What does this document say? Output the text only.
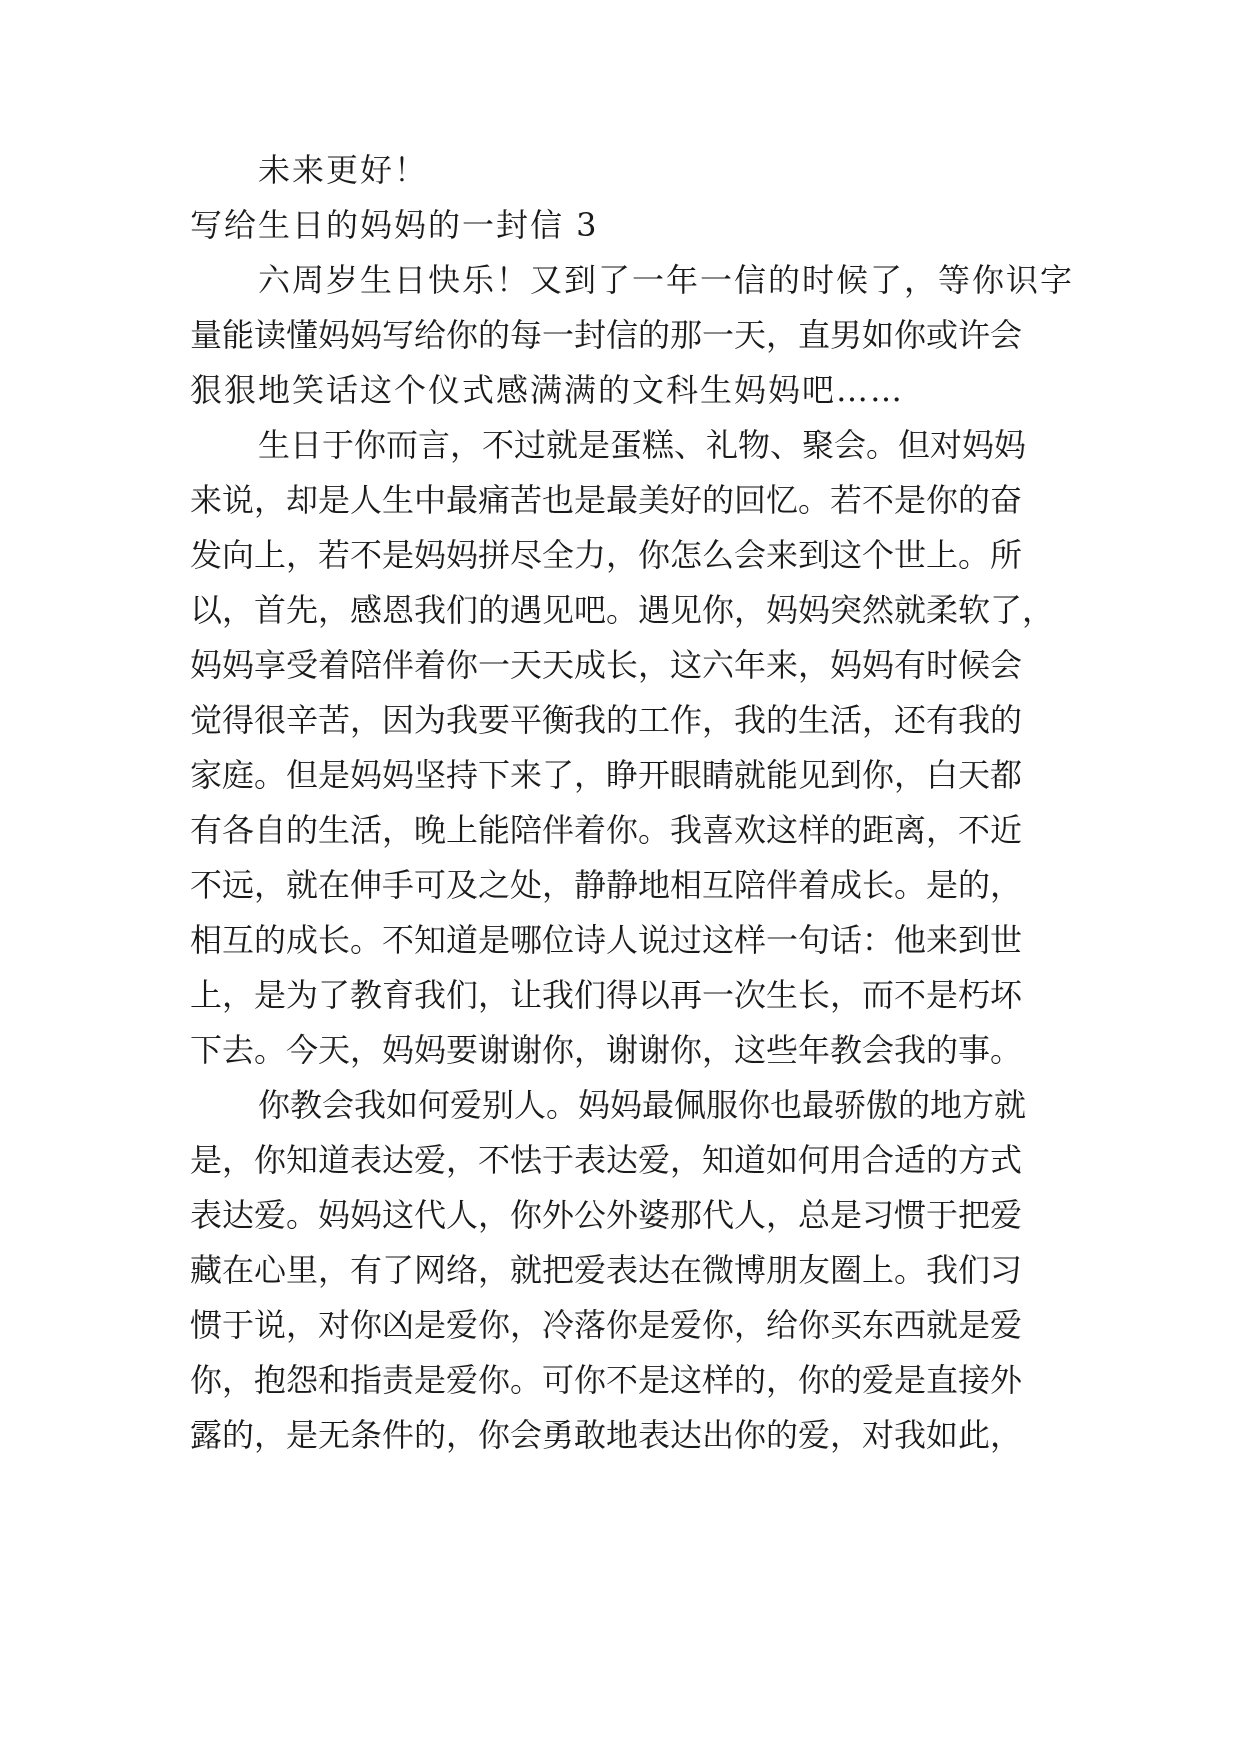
未来更好！
写给生日的妈妈的一封信 3
六周岁生日快乐！又到了一年一信的时候了，等你识字
量能读懂妈妈写给你的每一封信的那一天，直男如你或许会
狠狠地笑话这个仪式感满满的文科生妈妈吧……
生日于你而言，不过就是蛋糕、礼物、聚会。但对妈妈
来说，却是人生中最痛苦也是最美好的回忆。若不是你的奋
发向上，若不是妈妈拼尽全力，你怎么会来到这个世上。所
以，首先，感恩我们的遇见吧。遇见你，妈妈突然就柔软了，
妈妈享受着陪伴着你一天天成长，这六年来，妈妈有时候会
觉得很辛苦，因为我要平衡我的工作，我的生活，还有我的
家庭。但是妈妈坚持下来了，睁开眼睛就能见到你，白天都
有各自的生活，晚上能陪伴着你。我喜欢这样的距离，不近
不远，就在伸手可及之处，静静地相互陪伴着成长。是的，
相互的成长。不知道是哪位诗人说过这样一句话：他来到世
上，是为了教育我们，让我们得以再一次生长，而不是朽坏
下去。今天，妈妈要谢谢你，谢谢你，这些年教会我的事。
你教会我如何爱别人。妈妈最佩服你也最骄傲的地方就
是，你知道表达爱，不怯于表达爱，知道如何用合适的方式
表达爱。妈妈这代人，你外公外婆那代人，总是习惯于把爱
藏在心里，有了网络，就把爱表达在微博朋友圈上。我们习
惯于说，对你凶是爱你，冷落你是爱你，给你买东西就是爱
你，抱怨和指责是爱你。可你不是这样的，你的爱是直接外
露的，是无条件的，你会勇敢地表达出你的爱，对我如此，
